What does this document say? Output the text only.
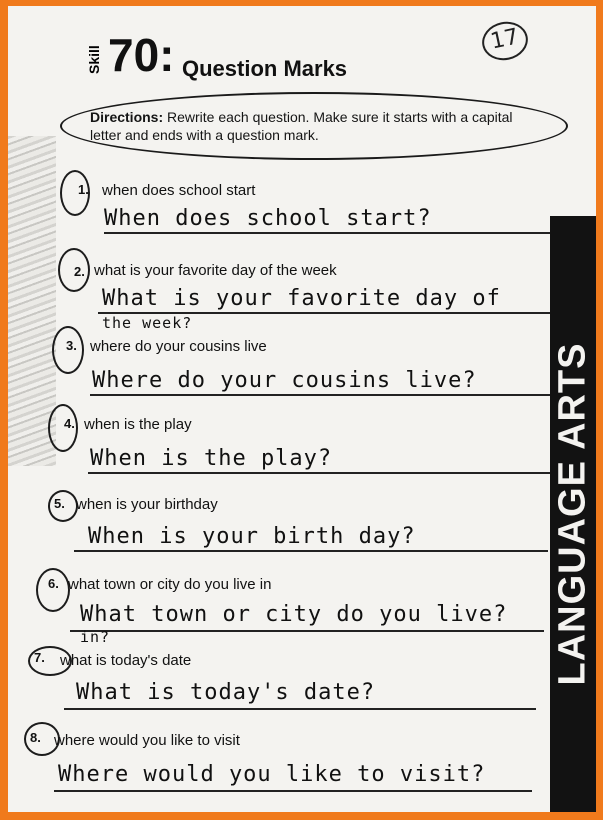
Skill 70: Question Marks
17
Directions: Rewrite each question. Make sure it starts with a capital letter and ends with a question mark.
1. when does school start
When does school start?
2. what is your favorite day of the week
What is your favorite day of
the week?
3. where do your cousins live
Where do your cousins live?
4. when is the play
When is the play?
5. when is your birthday
When is your birth day?
6. what town or city do you live in
What town or city do you live?
in?
7. what is today's date
What is today's date?
8. where would you like to visit
Where would you like to visit?
LANGUAGE ARTS
